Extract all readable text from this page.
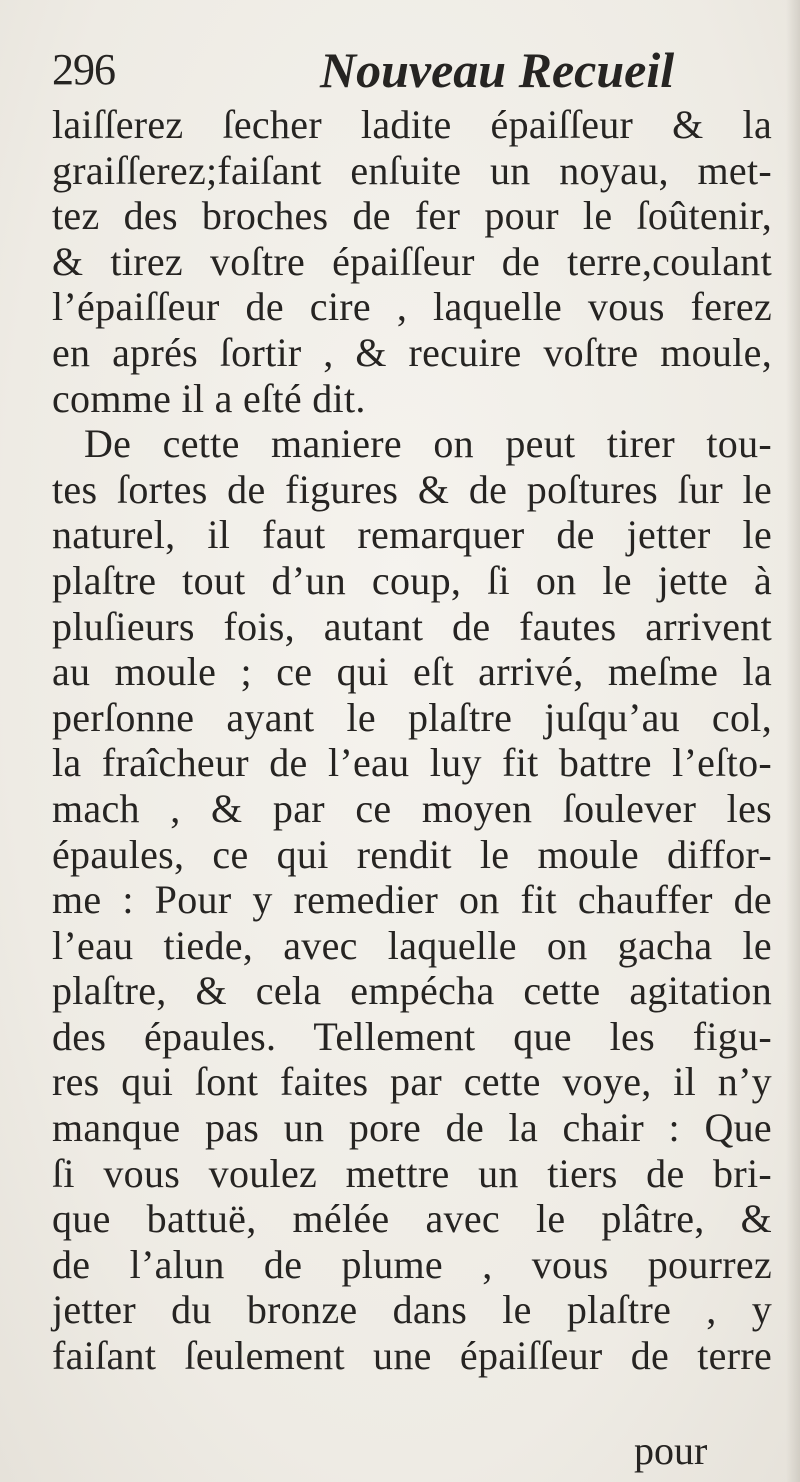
296	Nouveau Recueil
laiſſerez ſecher ladite épaiſſeur & la
graiſſerez;faiſant enſuite un noyau, met-
tez des broches de fer pour le ſoûtenir,
& tirez voſtre épaiſſeur de terre,coulant
l’épaiſſeur de cire , laquelle vous ferez
en aprés ſortir , & recuire voſtre moule,
comme il a eſté dit.
De cette maniere on peut tirer tou-
tes ſortes de figures & de poſtures ſur le
naturel, il faut remarquer de jetter le
plaſtre tout d’un coup, ſi on le jette à
pluſieurs fois, autant de fautes arrivent
au moule ; ce qui eſt arrivé, meſme la
perſonne ayant le plaſtre juſqu’au col,
la fraîcheur de l’eau luy fit battre l’eſto-
mach , & par ce moyen ſoulever les
épaules, ce qui rendit le moule diffor-
me : Pour y remedier on fit chauffer de
l’eau tiede, avec laquelle on gacha le
plaſtre, & cela empécha cette agitation
des épaules. Tellement que les figu-
res qui ſont faites par cette voye, il n’y
manque pas un pore de la chair : Que
ſi vous voulez mettre un tiers de bri-
que battuë, mélée avec le plâtre, &
de l’alun de plume , vous pourrez
jetter du bronze dans le plaſtre , y
faiſant ſeulement une épaiſſeur de terre
pour
